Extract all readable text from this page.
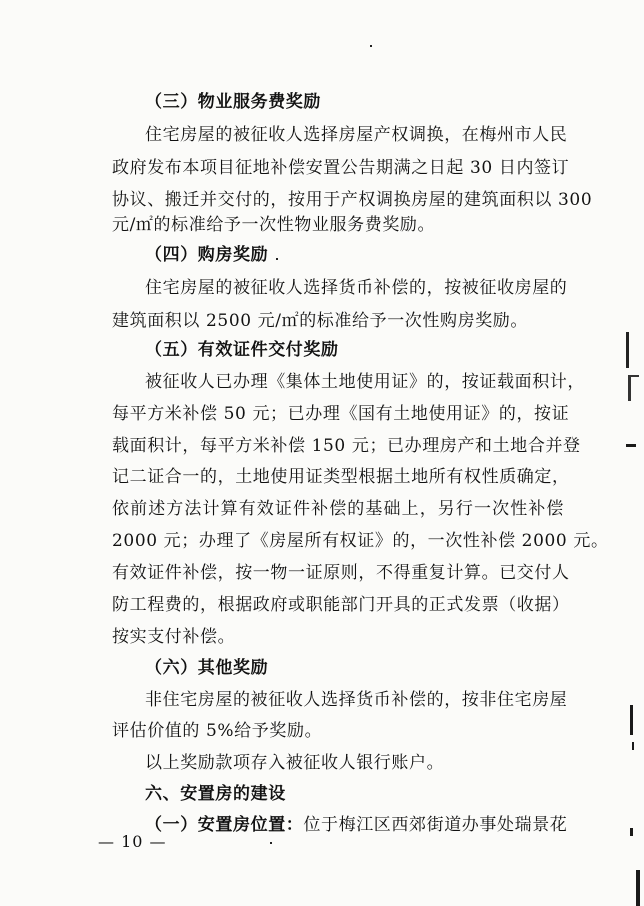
（三）物业服务费奖励
住宅房屋的被征收人选择房屋产权调换，在梅州市人民
政府发布本项目征地补偿安置公告期满之日起 30 日内签订
协议、搬迁并交付的，按用于产权调换房屋的建筑面积以 300
元/㎡的标准给予一次性物业服务费奖励。
（四）购房奖励
住宅房屋的被征收人选择货币补偿的，按被征收房屋的
建筑面积以 2500 元/㎡的标准给予一次性购房奖励。
（五）有效证件交付奖励
被征收人已办理《集体土地使用证》的，按证载面积计，
每平方米补偿 50 元；已办理《国有土地使用证》的，按证
载面积计，每平方米补偿 150 元；已办理房产和土地合并登
记二证合一的，土地使用证类型根据土地所有权性质确定，
依前述方法计算有效证件补偿的基础上，另行一次性补偿
2000 元；办理了《房屋所有权证》的，一次性补偿 2000 元。
有效证件补偿，按一物一证原则，不得重复计算。已交付人
防工程费的，根据政府或职能部门开具的正式发票（收据）
按实支付补偿。
（六）其他奖励
非住宅房屋的被征收人选择货币补偿的，按非住宅房屋
评估价值的 5%给予奖励。
以上奖励款项存入被征收人银行账户。
六、安置房的建设
（一）安置房位置：位于梅江区西郊街道办事处瑞景花
— 10 —
